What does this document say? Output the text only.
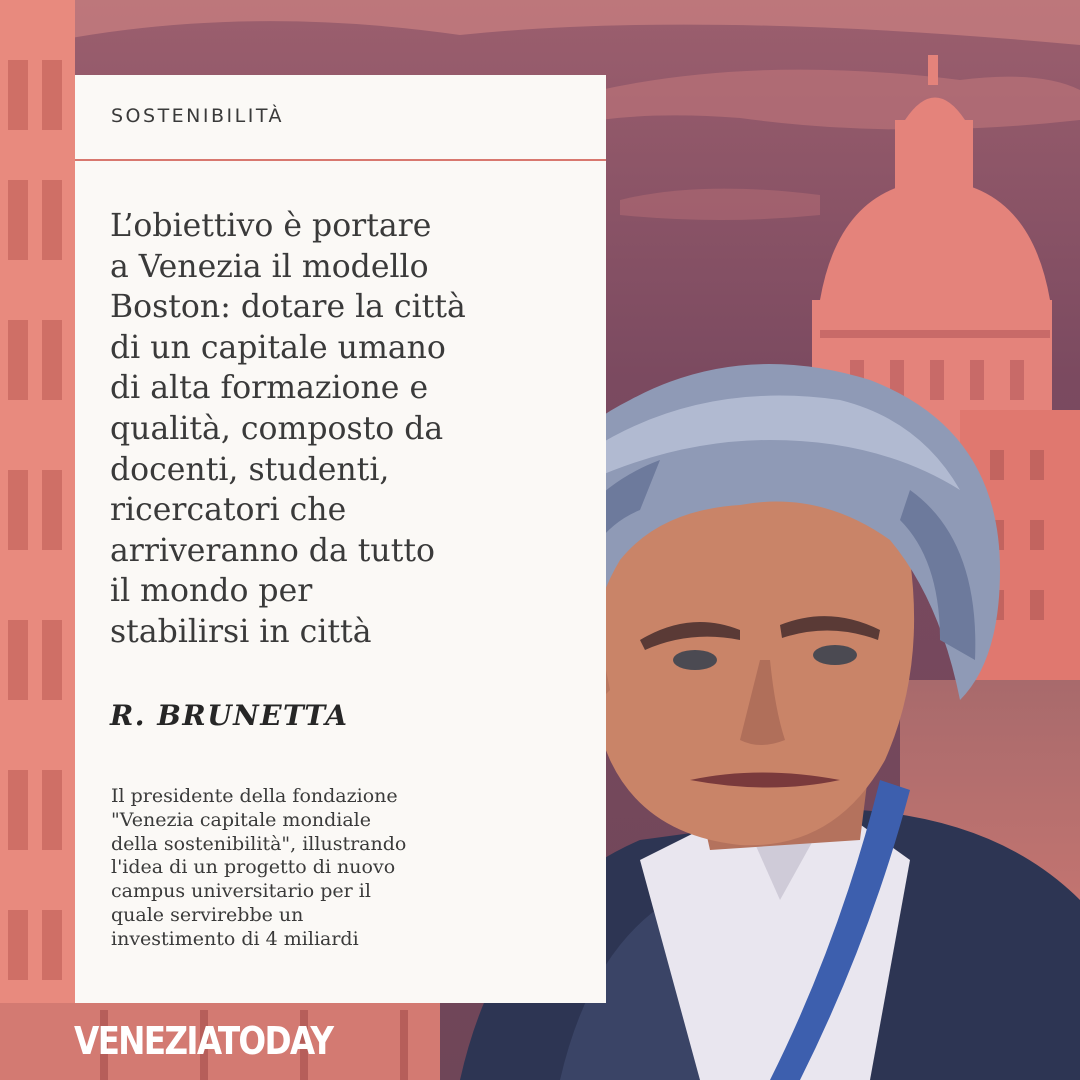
SOSTENIBILITÀ
L’obiettivo è portare
a Venezia il modello
Boston: dotare la città
di un capitale umano
di alta formazione e
qualità, composto da
docenti, studenti,
ricercatori che
arriveranno da tutto
il mondo per
stabilirsi in città
R. BRUNETTA
Il presidente della fondazione
"Venezia capitale mondiale
della sostenibilità", illustrando
l'idea di un progetto di nuovo
campus universitario per il
quale servirebbe un
investimento di 4 miliardi
VENEZIATODAY
